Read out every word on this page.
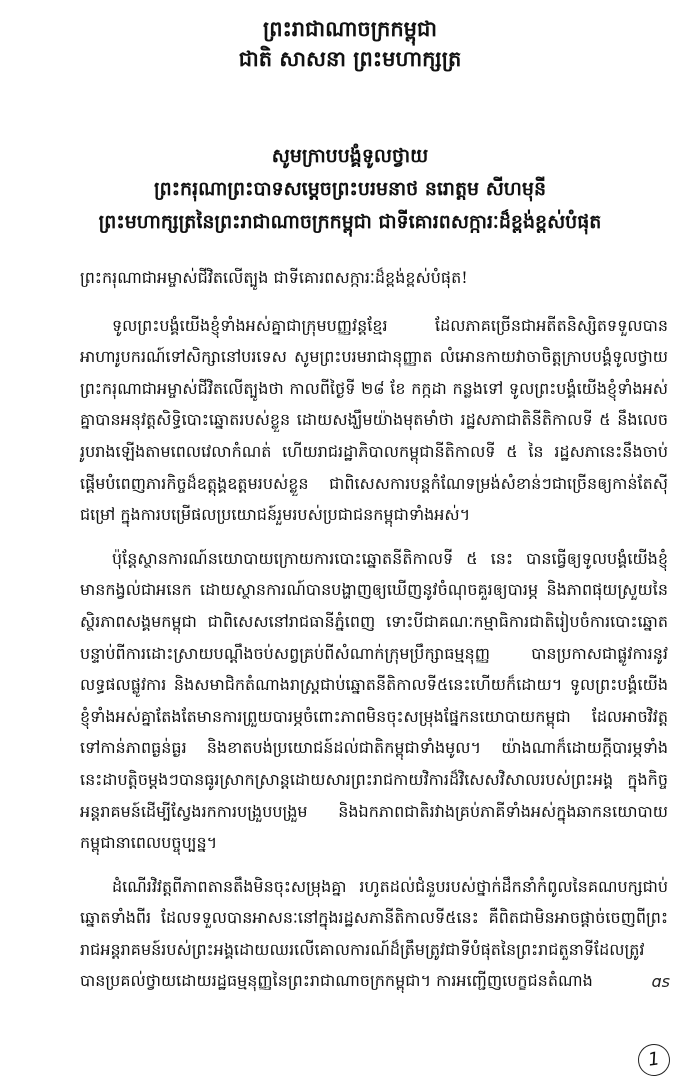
ព្រះរាជាណាចក្រកម្ពុជា
ជាតិ សាសនា ព្រះមហាក្សត្រ
សូមក្រាបបង្គំទូលថ្វាយ
ព្រះករុណាព្រះបាទសម្តេចព្រះបរមនាថ នរោត្តម សីហមុនី
ព្រះមហាក្សត្រនៃព្រះរាជាណាចក្រកម្ពុជា ជាទីគោរពសក្ការៈដ៏ខ្ពង់ខ្ពស់បំផុត

ព្រះករុណាជាអម្ចាស់ជីវិតលើត្បូង ជាទីគោរពសក្ការៈដ៏ខ្ពង់ខ្ពស់បំផុត!

ទូលព្រះបង្គំយើងខ្ញុំទាំងអស់គ្នាជាក្រុមបញ្ញវន្តខ្មែរ ដែលភាគច្រើនជាអតីតនិស្សិតទទួលបានអាហារូបករណ៍ទៅសិក្សានៅបរទេស សូមព្រះបរមរាជានុញ្ញាត លំអោនកាយវាចាចិត្តក្រាបបង្គំទូលថ្វាយព្រះករុណាជាអម្ចាស់ជីវិតលើត្បូងថា កាលពីថ្ងៃទី ២៨ ខែ កក្កដា កន្លងទៅ ទូលព្រះបង្គំយើងខ្ញុំទាំងអស់គ្នាបានអនុវត្តសិទ្ធិបោះឆ្នោតរបស់ខ្លួន ដោយសង្ឃឹមយ៉ាងមុតមាំថា រដ្ឋសភាជាតិនីតិកាលទី ៥ នឹងលេចរូបរាងឡើងតាមពេលវេលាកំណត់ ហើយរាជរដ្ឋាភិបាលកម្ពុជានីតិកាលទី ៥ នៃ រដ្ឋសភានេះនឹងចាប់ផ្តើមបំពេញភារកិច្ចដ៏ឧត្តុង្គឧត្តមរបស់ខ្លួន ជាពិសេសការបន្តកំណែទម្រង់សំខាន់ៗជាច្រើនឲ្យកាន់តែស៊ីជម្រៅ ក្នុងការបម្រើផលប្រយោជន៍រួមរបស់ប្រជាជនកម្ពុជាទាំងអស់។

ប៉ុន្តែស្ថានការណ៍នយោបាយក្រោយការបោះឆ្នោតនីតិកាលទី ៥ នេះ បានធ្វើឲ្យទូលបង្គំយើងខ្ញុំមានកង្វល់ជាអនេក ដោយស្ថានការណ៍បានបង្ហាញឲ្យឃើញនូវចំណុចគួរឲ្យបារម្ភ និងភាពផុយស្រួយនៃស្ថិរភាពសង្គមកម្ពុជា ជាពិសេសនៅរាជធានីភ្នំពេញ ទោះបីជាគណៈកម្មាធិការជាតិរៀបចំការបោះឆ្នោត បន្ទាប់ពីការដោះស្រាយបណ្តឹងចប់សព្វគ្រប់ពីសំណាក់ក្រុមប្រឹក្សាធម្មនុញ្ញ បានប្រកាសជាផ្លូវការនូវលទ្ធផលផ្លូវការ និងសមាជិកតំណាងរាស្ត្រជាប់ឆ្នោតនីតិកាលទី៥នេះហើយក៏ដោយ។ ទូលព្រះបង្គំយើងខ្ញុំទាំងអស់គ្នាតែងតែមានការព្រួយបារម្ភចំពោះភាពមិនចុះសម្រុងផ្នែកនយោបាយកម្ពុជា ដែលអាចវិវត្តទៅកាន់ភាពធ្ងន់ធ្ងរ និងខាតបង់ប្រយោជន៍ដល់ជាតិកម្ពុជាទាំងមូល។ យ៉ាងណាក៏ដោយក្តីបារម្ភទាំងនេះដាបត្តិចម្តងៗបានធូរស្រាកស្រាន្តដោយសារព្រះរាជកាយវិការដ៏វិសេសវិសាលរបស់ព្រះអង្គ ក្នុងកិច្ចអន្តរាគមន៍ដើម្បីស្វែងរកការបង្រួបបង្រួម និងឯកភាពជាតិរវាងគ្រប់ភាគីទាំងអស់ក្នុងឆាកនយោបាយកម្ពុជានាពេលបច្ចុប្បន្ន។

ដំណើរវិវត្តពីភាពតានតឹងមិនចុះសម្រុងគ្នា រហូតដល់ជំនួបរបស់ថ្នាក់ដឹកនាំកំពូលនៃគណបក្សជាប់ឆ្នោតទាំងពីរ ដែលទទួលបានអាសនៈនៅក្នុងរដ្ឋសភានីតិកាលទី៥នេះ គឺពិតជាមិនអាចផ្តាច់ចេញពីព្រះរាជអន្តរាគមន៍របស់ព្រះអង្គដោយឈរលើគោលការណ៍ដ៏ត្រឹមត្រូវជាទីបំផុតនៃព្រះរាជតួនាទីដែលត្រូវបានប្រគល់ថ្វាយដោយរដ្ឋធម្មនុញ្ញនៃព្រះរាជាណាចក្រកម្ពុជា។ ការអញ្ជើញបេក្ខជនតំណាង	ɑs
1
